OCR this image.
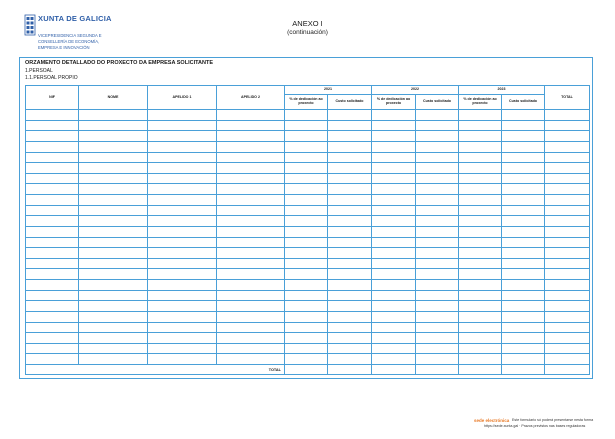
XUNTA DE GALICIA
VICEPRESIDENCIA SEGUNDA E
CONSELLERÍA DE ECONOMÍA,
EMPRESA E INNOVACIÓN
ANEXO I
(continuación)
ORZAMENTO DETALLADO DO PROXECTO DA EMPRESA SOLICITANTE
1.PERSOAL
1.1.PERSOAL PROPIO
NIF	NOME	APELIDO 1	APELIDO 2	2021		2022		2023		TOTAL
				% de dedicación ao proxecto	Custo solicitado	% de dedicación ao proxecto	Custo solicitado	% de dedicación ao proxecto	Custo solicitado	

TOTAL										
sede electrónica Este formulario só poderá presentarse nesta forma
https://sede.xunta.gal · Prazos previstos nas bases reguladoras
